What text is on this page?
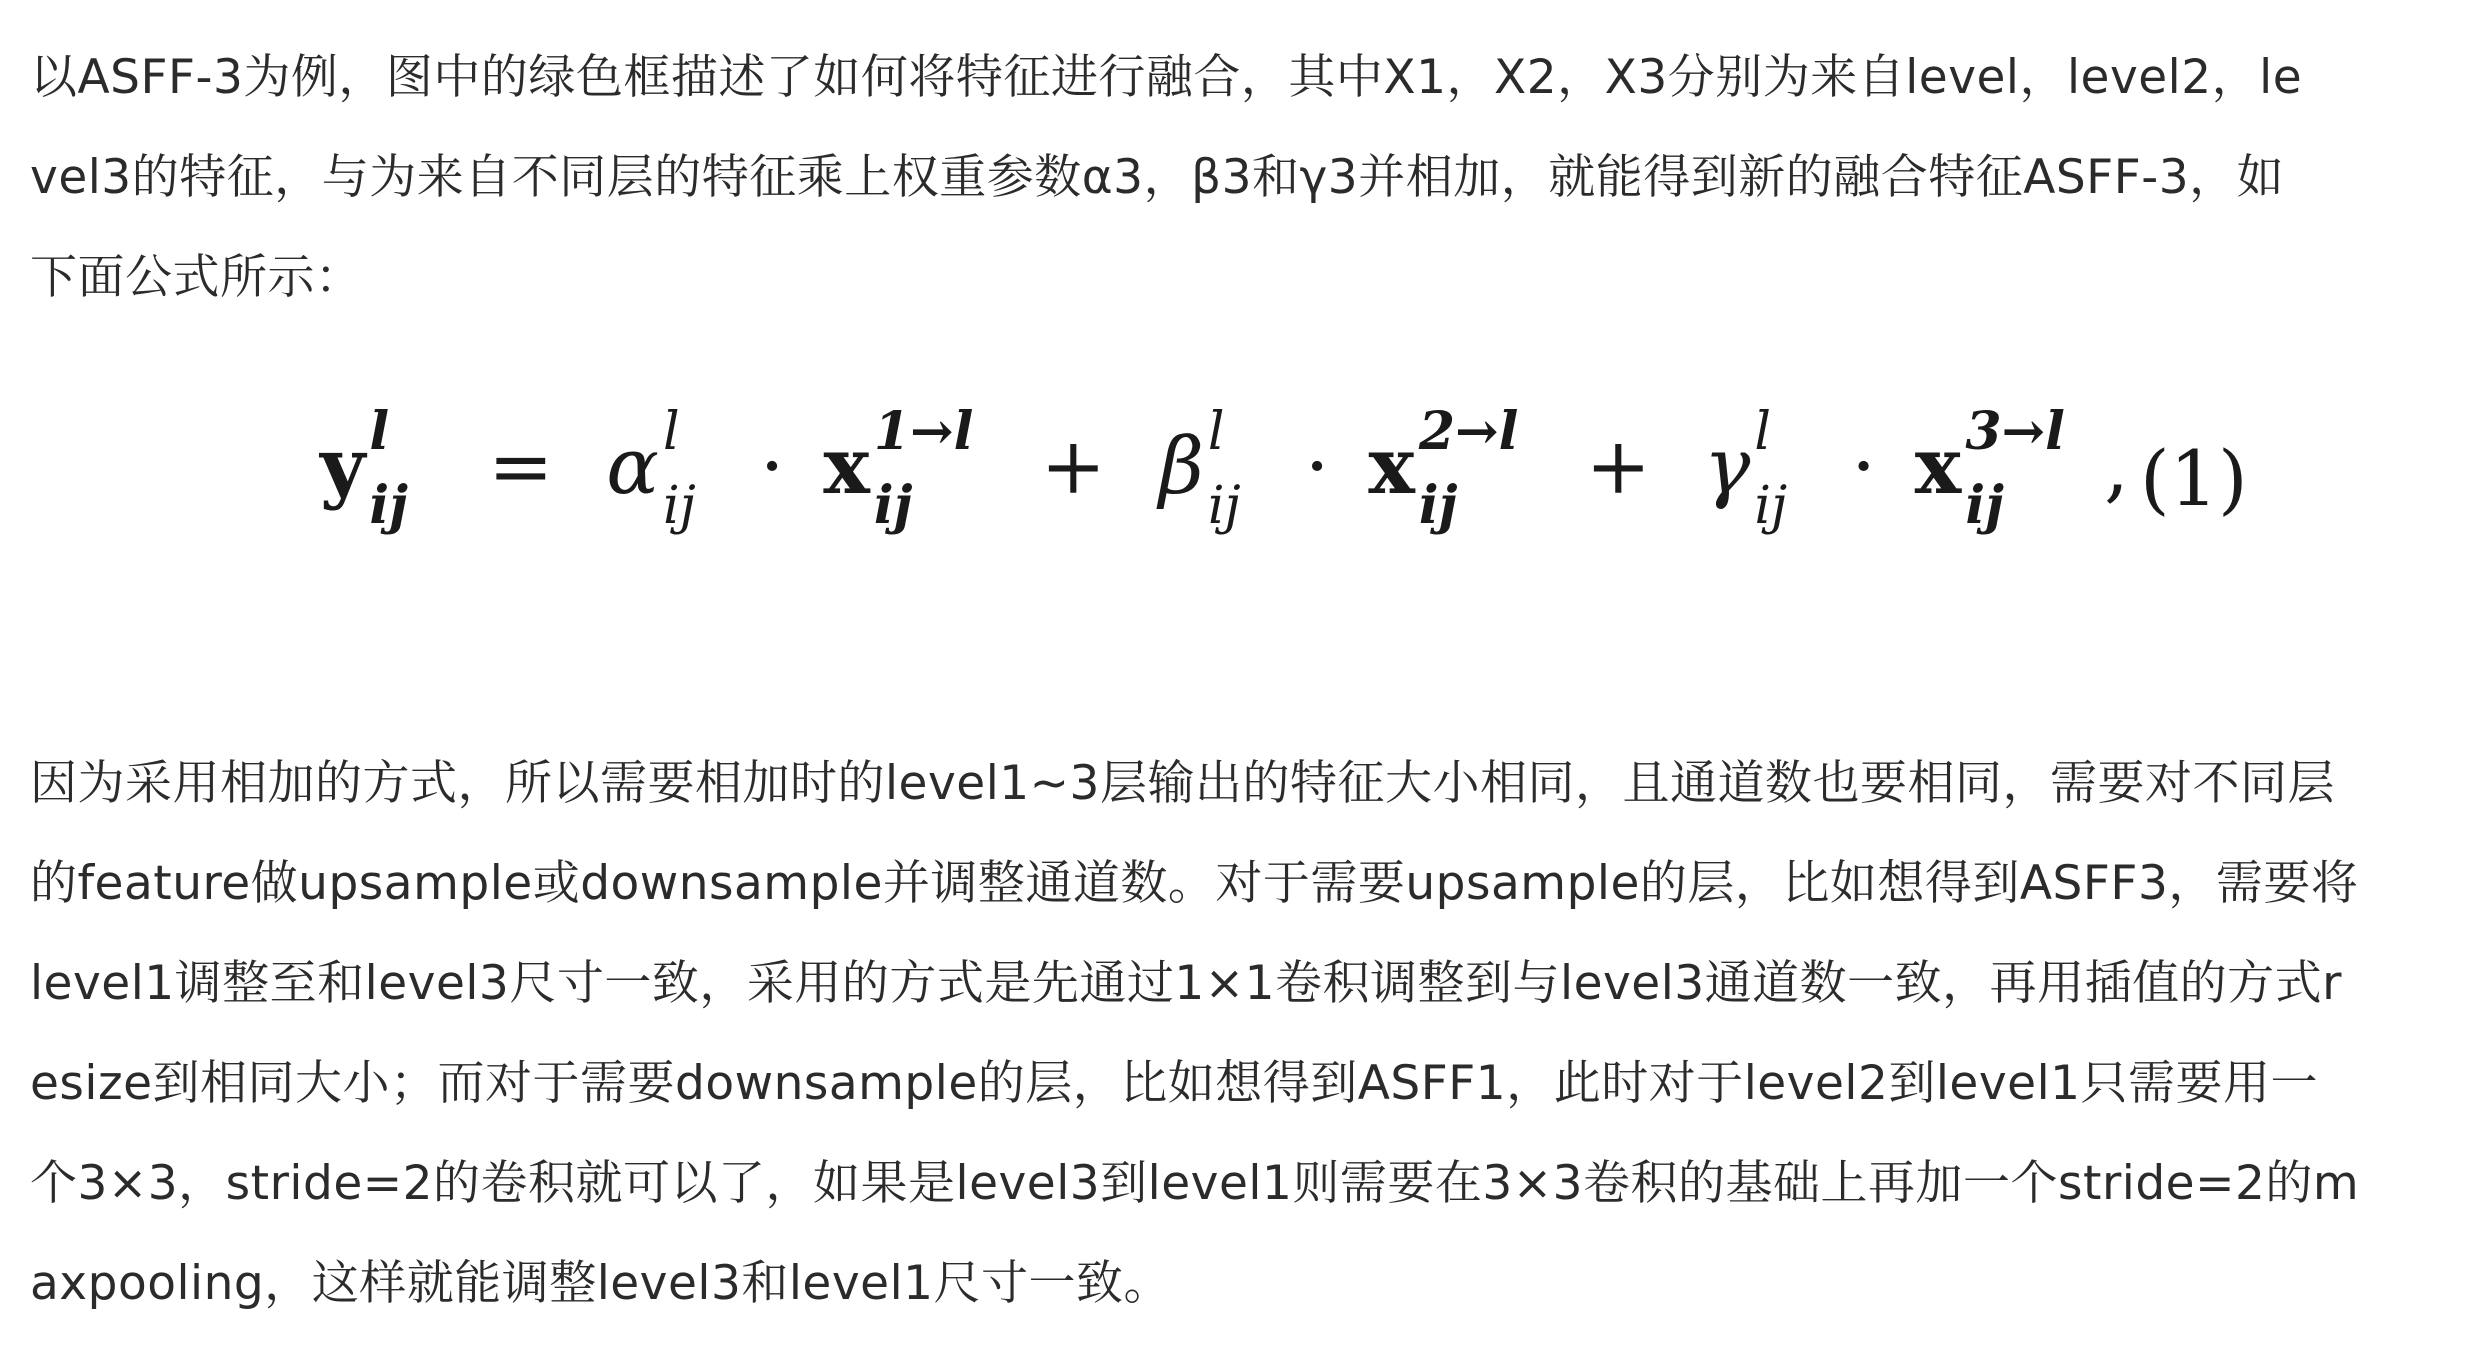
以ASFF-3为例，图中的绿色框描述了如何将特征进行融合，其中X1，X2，X3分别为来自level，level2，level3的特征，与为来自不同层的特征乘上权重参数α3，β3和γ3并相加，就能得到新的融合特征ASFF-3，如下面公式所示：

y l
ij = α l
ij · x 1→l
ij + β l
ij · x 2→l
ij + γ l
ij · x 3→l
ij , (1)

因为采用相加的方式，所以需要相加时的level1~3层输出的特征大小相同，且通道数也要相同，需要对不同层的feature做upsample或downsample并调整通道数。对于需要upsample的层，比如想得到ASFF3，需要将level1调整至和level3尺寸一致，采用的方式是先通过1×1卷积调整到与level3通道数一致，再用插值的方式resize到相同大小；而对于需要downsample的层，比如想得到ASFF1，此时对于level2到level1只需要用一个3×3，stride=2的卷积就可以了，如果是level3到level1则需要在3×3卷积的基础上再加一个stride=2的maxpooling，这样就能调整level3和level1尺寸一致。
